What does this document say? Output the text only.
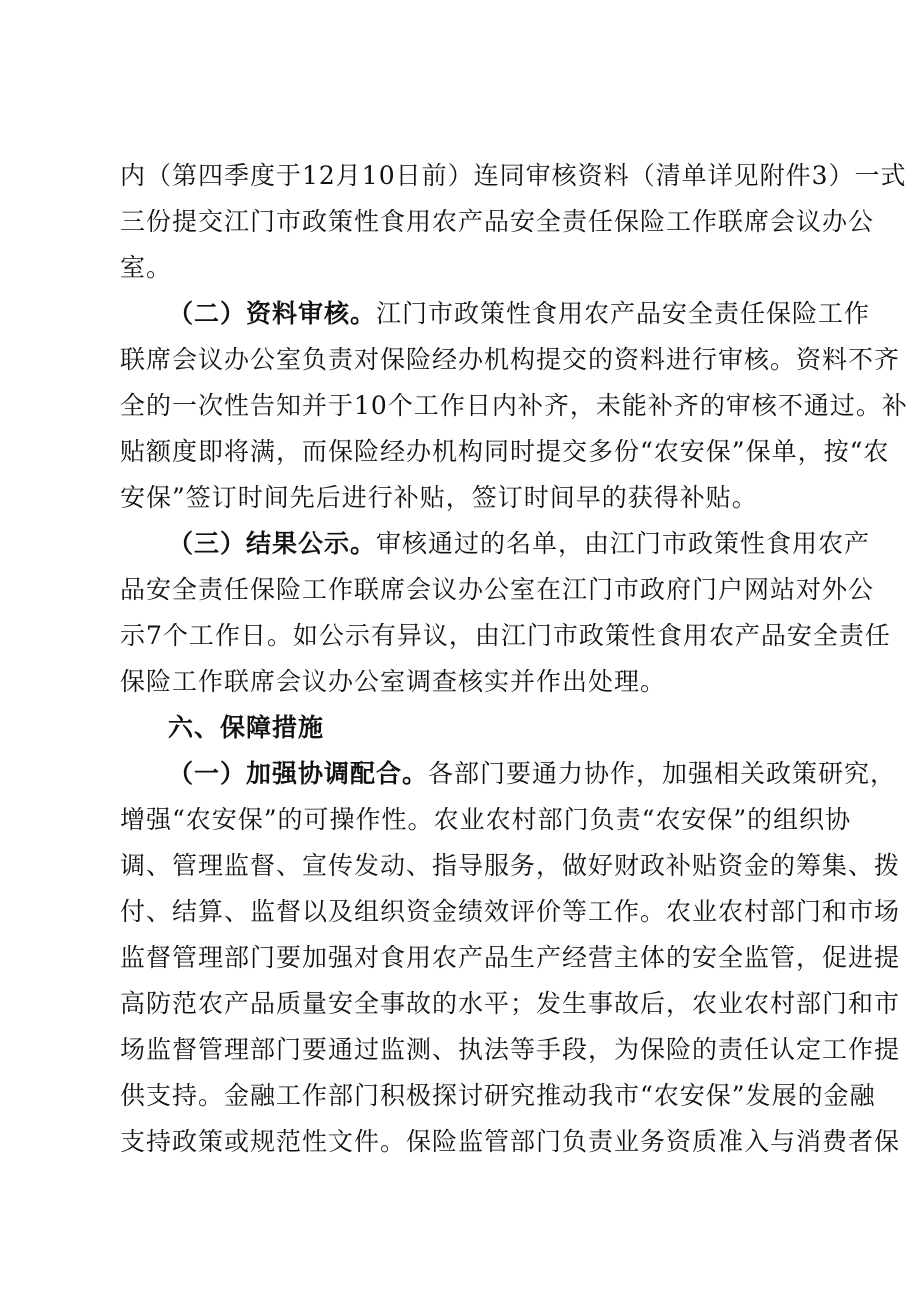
内（第四季度于12月10日前）连同审核资料（清单详见附件3）一式
三份提交江门市政策性食用农产品安全责任保险工作联席会议办公
室。
（二）资料审核。江门市政策性食用农产品安全责任保险工作
联席会议办公室负责对保险经办机构提交的资料进行审核。资料不齐
全的一次性告知并于10个工作日内补齐，未能补齐的审核不通过。补
贴额度即将满，而保险经办机构同时提交多份“农安保”保单，按“农
安保”签订时间先后进行补贴，签订时间早的获得补贴。
（三）结果公示。审核通过的名单，由江门市政策性食用农产
品安全责任保险工作联席会议办公室在江门市政府门户网站对外公
示7个工作日。如公示有异议，由江门市政策性食用农产品安全责任
保险工作联席会议办公室调查核实并作出处理。
六、保障措施
（一）加强协调配合。各部门要通力协作，加强相关政策研究，
增强“农安保”的可操作性。农业农村部门负责“农安保”的组织协
调、管理监督、宣传发动、指导服务，做好财政补贴资金的筹集、拨
付、结算、监督以及组织资金绩效评价等工作。农业农村部门和市场
监督管理部门要加强对食用农产品生产经营主体的安全监管，促进提
高防范农产品质量安全事故的水平；发生事故后，农业农村部门和市
场监督管理部门要通过监测、执法等手段，为保险的责任认定工作提
供支持。金融工作部门积极探讨研究推动我市“农安保”发展的金融
支持政策或规范性文件。保险监管部门负责业务资质准入与消费者保
